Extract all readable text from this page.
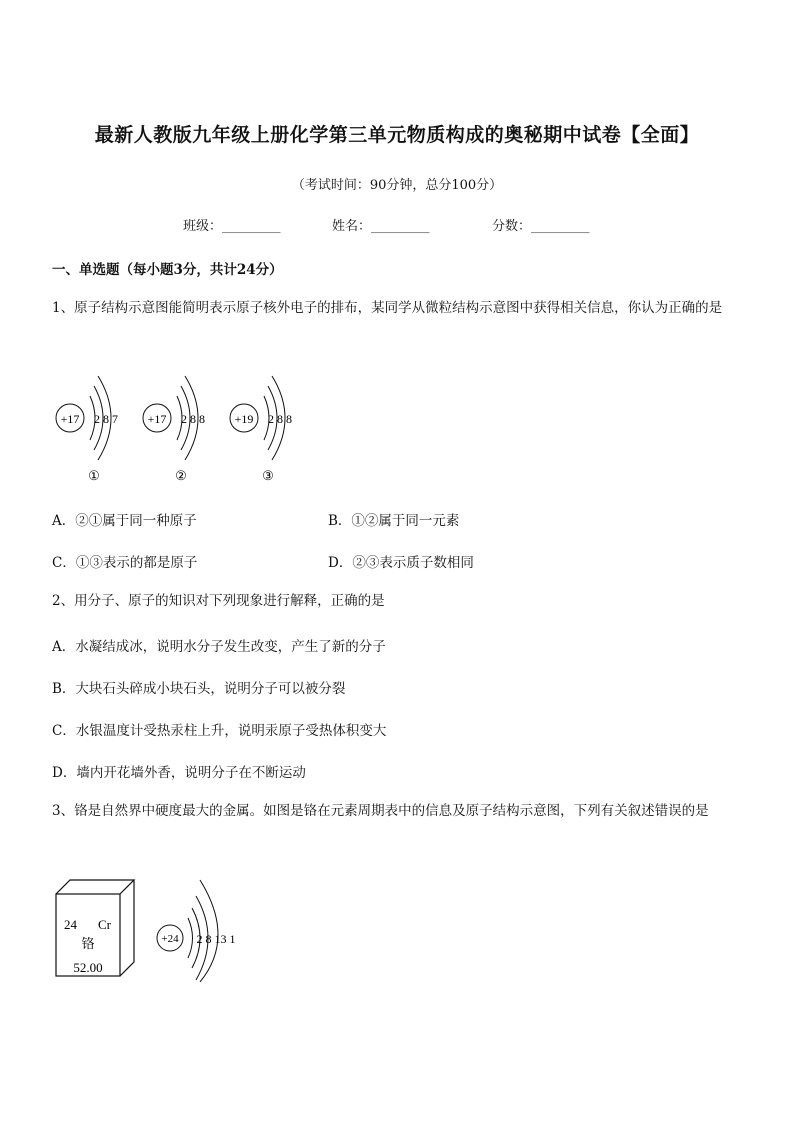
最新人教版九年级上册化学第三单元物质构成的奥秘期中试卷【全面】
（考试时间：90分钟，总分100分）
班级：_________	姓名：_________	分数：_________
一、单选题（每小题3分，共计24分）
1、原子结构示意图能简明表示原子核外电子的排布，某同学从微粒结构示意图中获得相关信息，你认为正确的是
+17 2 8 7
①
+17 2 8 8
②
+19 2 8 8
③
A．②①属于同一种原子	B．①②属于同一元素
C．①③表示的都是原子	D．②③表示质子数相同
2、用分子、原子的知识对下列现象进行解释，正确的是
A．水凝结成冰，说明水分子发生改变，产生了新的分子
B．大块石头碎成小块石头，说明分子可以被分裂
C．水银温度计受热汞柱上升，说明汞原子受热体积变大
D．墙内开花墙外香，说明分子在不断运动
3、铬是自然界中硬度最大的金属。如图是铬在元素周期表中的信息及原子结构示意图，下列有关叙述错误的是
24 Cr
铬
52.00
+24 2 8 13 1
